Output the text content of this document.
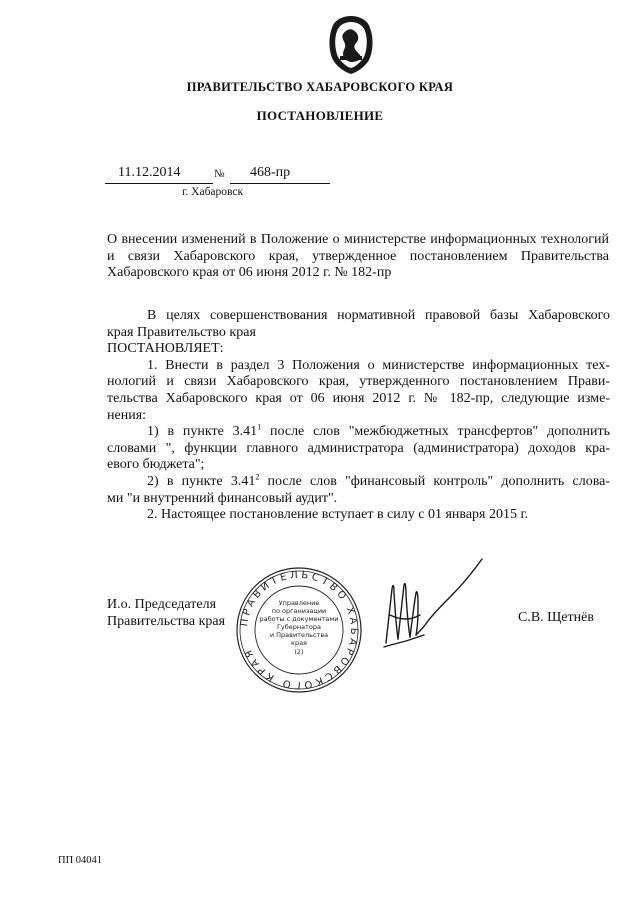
ПРАВИТЕЛЬСТВО ХАБАРОВСКОГО КРАЯ
ПОСТАНОВЛЕНИЕ
11.12.2014	№ 468-пр
г. Хабаровск
О внесении изменений в Положение о министерстве информационных технологий и связи Хабаровского края, утвержденное постановлением Правительства Хабаровского края от 06 июня 2012 г. № 182-пр
В целях совершенствования нормативной правовой базы Хабаровского
края Правительство края
ПОСТАНОВЛЯЕТ:
1. Внести в раздел 3 Положения о министерстве информационных тех-
нологий и связи Хабаровского края, утвержденного постановлением Прави-
тельства Хабаровского края от 06 июня 2012 г. № 182-пр, следующие изме-
нения:
1) в пункте 3.41$^1$ после слов "межбюджетных трансфертов" дополнить
словами ", функции главного администратора (администратора) доходов кра-
евого бюджета";
2) в пункте 3.41$^2$ после слов "финансовый контроль" дополнить слова-
ми "и внутренний финансовый аудит".
2. Настоящее постановление вступает в силу с 01 января 2015 г.
И.о. Председателя
Правительства края	С.В. Щетнёв
ПРАВИТЕЛЬСТВО ХАБАРОВСКОГО КРАЯ
Управление
по организации
работы с документами
Губернатора
и Правительства
края
(2)
ПП 04041
